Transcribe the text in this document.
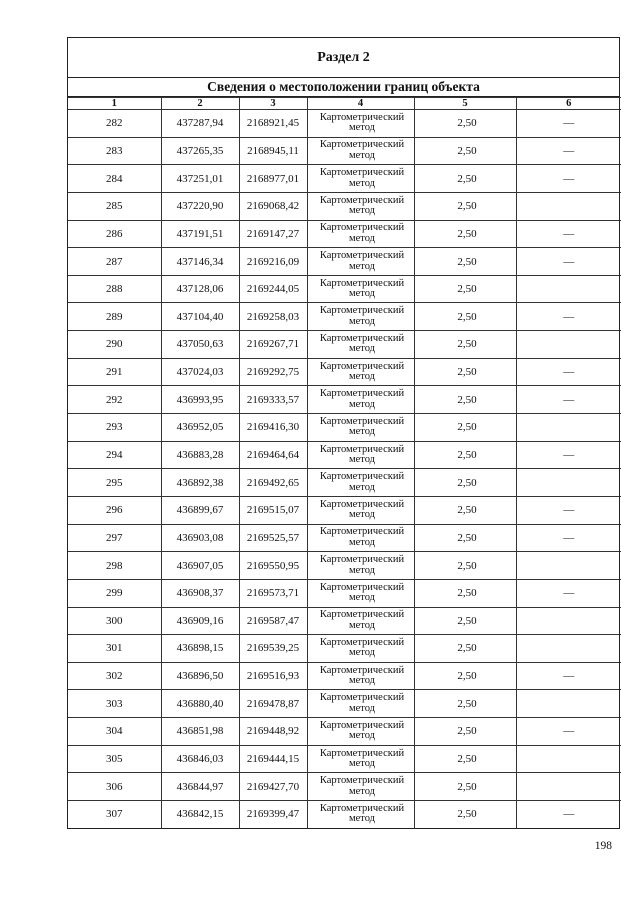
Раздел 2
Сведения о местоположении границ объекта
1	2	3	4	5	6
282	437287,94	2168921,45	Картометрический метод	2,50	—
283	437265,35	2168945,11	Картометрический метод	2,50	—
284	437251,01	2168977,01	Картометрический метод	2,50	—
285	437220,90	2169068,42	Картометрический метод	2,50	
286	437191,51	2169147,27	Картометрический метод	2,50	—
287	437146,34	2169216,09	Картометрический метод	2,50	—
288	437128,06	2169244,05	Картометрический метод	2,50	
289	437104,40	2169258,03	Картометрический метод	2,50	—
290	437050,63	2169267,71	Картометрический метод	2,50	
291	437024,03	2169292,75	Картометрический метод	2,50	—
292	436993,95	2169333,57	Картометрический метод	2,50	—
293	436952,05	2169416,30	Картометрический метод	2,50	
294	436883,28	2169464,64	Картометрический метод	2,50	—
295	436892,38	2169492,65	Картометрический метод	2,50	
296	436899,67	2169515,07	Картометрический метод	2,50	—
297	436903,08	2169525,57	Картометрический метод	2,50	—
298	436907,05	2169550,95	Картометрический метод	2,50	
299	436908,37	2169573,71	Картометрический метод	2,50	—
300	436909,16	2169587,47	Картометрический метод	2,50	
301	436898,15	2169539,25	Картометрический метод	2,50	
302	436896,50	2169516,93	Картометрический метод	2,50	—
303	436880,40	2169478,87	Картометрический метод	2,50	
304	436851,98	2169448,92	Картометрический метод	2,50	—
305	436846,03	2169444,15	Картометрический метод	2,50	
306	436844,97	2169427,70	Картометрический метод	2,50	
307	436842,15	2169399,47	Картометрический метод	2,50	—
198
